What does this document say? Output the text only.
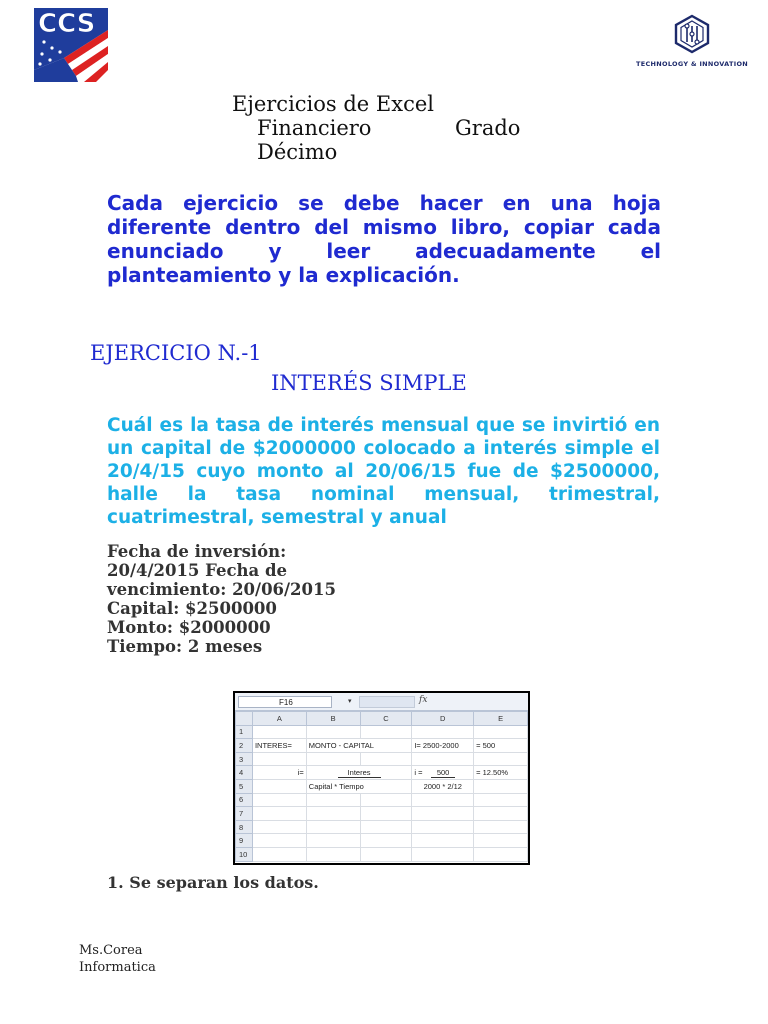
CCS
TECHNOLOGY & INNOVATION
Ejercicios de Excel
Financiero	Grado
Décimo
Cada ejercicio se debe hacer en una hoja diferente dentro del mismo libro, copiar cada enunciado y leer adecuadamente el planteamiento y la explicación.
EJERCICIO N.-1
INTERÉS SIMPLE
Cuál es la tasa de interés mensual que se invirtió en un capital de $2000000 colocado a interés simple el 20/4/15 cuyo monto al 20/06/15 fue de $2500000, halle la tasa nominal mensual, trimestral, cuatrimestral, semestral y anual
Fecha de inversión:
20/4/2015 Fecha de
vencimiento: 20/06/2015
Capital: $2500000
Monto: $2000000
Tiempo: 2 meses
F16	▾	fx
	A	B	C	D	E
1					
2	INTERES=	MONTO - CAPITAL		I= 2500-2000	= 500
3					
4	i=	Interes		i = 500	= 12.50%
5		Capital * Tiempo		2000 * 2/12	
6					
7					
8					
9					
10					
1. Se separan los datos.
Ms.Corea
Informatica
